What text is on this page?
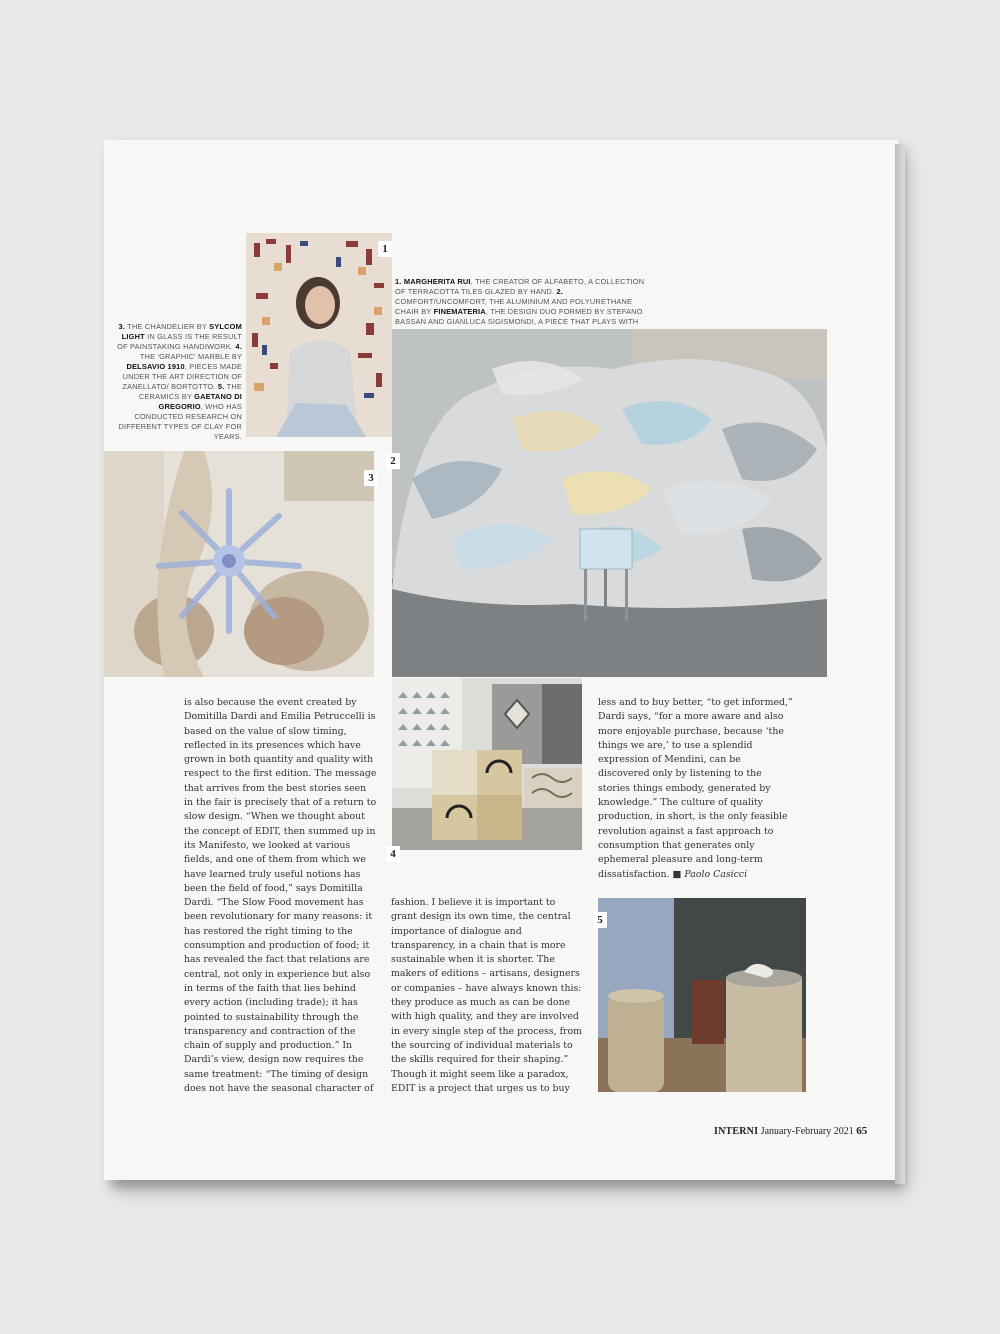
1
1. MARGHERITA RUI, THE CREATOR OF ALFABETO, A COLLECTION OF TERRACOTTA TILES GLAZED BY HAND. 2. COMFORT/UNCOMFORT, THE ALUMINIUM AND POLYURETHANE CHAIR BY FINEMATERIA, THE DESIGN DUO FORMED BY STEFANO BASSAN AND GIANLUCA SIGISMONDI, A PIECE THAT PLAYS WITH
3. THE CHANDELIER BY SYLCOM LIGHT IN GLASS IS THE RESULT OF PAINSTAKING HANDIWORK. 4. THE 'GRAPHIC' MARBLE BY DELSAVIO 1910, PIECES MADE UNDER THE ART DIRECTION OF ZANELLATO/ BORTOTTO. 5. THE CERAMICS BY GAETANO DI GREGORIO, WHO HAS CONDUCTED RESEARCH ON DIFFERENT TYPES OF CLAY FOR YEARS.
2
3
4
5

is also because the event created by Domitilla Dardi and Emilia Petruccelli is based on the value of slow timing, reflected in its presences which have grown in both quantity and quality with respect to the first edition. The message that arrives from the best stories seen in the fair is precisely that of a return to slow design. “When we thought about the concept of EDIT, then summed up in its Manifesto, we looked at various fields, and one of them from which we have learned truly useful notions has been the field of food,” says Domitilla Dardi. “The Slow Food movement has been revolutionary for many reasons: it has restored the right timing to the consumption and production of food; it has revealed the fact that relations are central, not only in experience but also in terms of the faith that lies behind every action (including trade); it has pointed to sustainability through the transparency and contraction of the chain of supply and production.” In Dardi’s view, design now requires the same treatment: “The timing of design does not have the seasonal character of

fashion. I believe it is important to grant design its own time, the central importance of dialogue and transparency, in a chain that is more sustainable when it is shorter. The makers of editions – artisans, designers or companies – have always known this: they produce as much as can be done with high quality, and they are involved in every single step of the process, from the sourcing of individual materials to the skills required for their shaping.” Though it might seem like a paradox, EDIT is a project that urges us to buy

less and to buy better, “to get informed,” Dardi says, “for a more aware and also more enjoyable purchase, because ‘the things we are,’ to use a splendid expression of Mendini, can be discovered only by listening to the stories things embody, generated by knowledge.” The culture of quality production, in short, is the only feasible revolution against a fast approach to consumption that generates only ephemeral pleasure and long-term dissatisfaction. ■ Paolo Casicci

INTERNI January-February 2021 65
